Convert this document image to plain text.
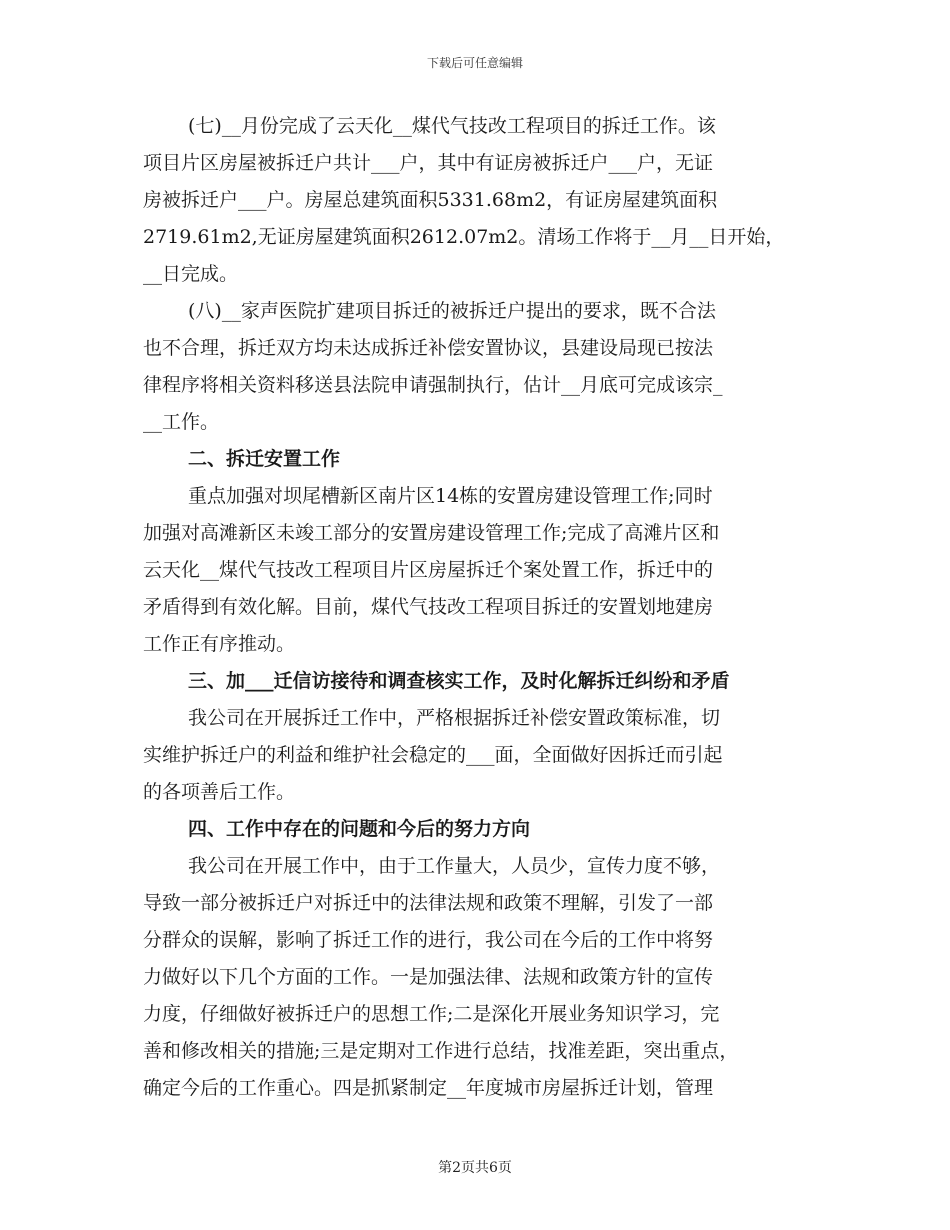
下载后可任意编辑
(七)__月份完成了云天化__煤代气技改工程项目的拆迁工作。该
项目片区房屋被拆迁户共计___户，其中有证房被拆迁户___户，无证
房被拆迁户___户。房屋总建筑面积5331.68m2，有证房屋建筑面积
2719.61m2,无证房屋建筑面积2612.07m2。清场工作将于__月__日开始，
__日完成。
(八)__家声医院扩建项目拆迁的被拆迁户提出的要求，既不合法
也不合理，拆迁双方均未达成拆迁补偿安置协议，县建设局现已按法
律程序将相关资料移送县法院申请强制执行，估计__月底可完成该宗_
__工作。
二、拆迁安置工作
重点加强对坝尾槽新区南片区14栋的安置房建设管理工作;同时
加强对高滩新区未竣工部分的安置房建设管理工作;完成了高滩片区和
云天化__煤代气技改工程项目片区房屋拆迁个案处置工作，拆迁中的
矛盾得到有效化解。目前，煤代气技改工程项目拆迁的安置划地建房
工作正有序推动。
三、加___迁信访接待和调查核实工作，及时化解拆迁纠纷和矛盾
我公司在开展拆迁工作中，严格根据拆迁补偿安置政策标准，切
实维护拆迁户的利益和维护社会稳定的___面，全面做好因拆迁而引起
的各项善后工作。
四、工作中存在的问题和今后的努力方向
我公司在开展工作中，由于工作量大，人员少，宣传力度不够，
导致一部分被拆迁户对拆迁中的法律法规和政策不理解，引发了一部
分群众的误解，影响了拆迁工作的进行，我公司在今后的工作中将努
力做好以下几个方面的工作。一是加强法律、法规和政策方针的宣传
力度，仔细做好被拆迁户的思想工作;二是深化开展业务知识学习，完
善和修改相关的措施;三是定期对工作进行总结，找准差距，突出重点，
确定今后的工作重心。四是抓紧制定__年度城市房屋拆迁计划，管理
第2页共6页
